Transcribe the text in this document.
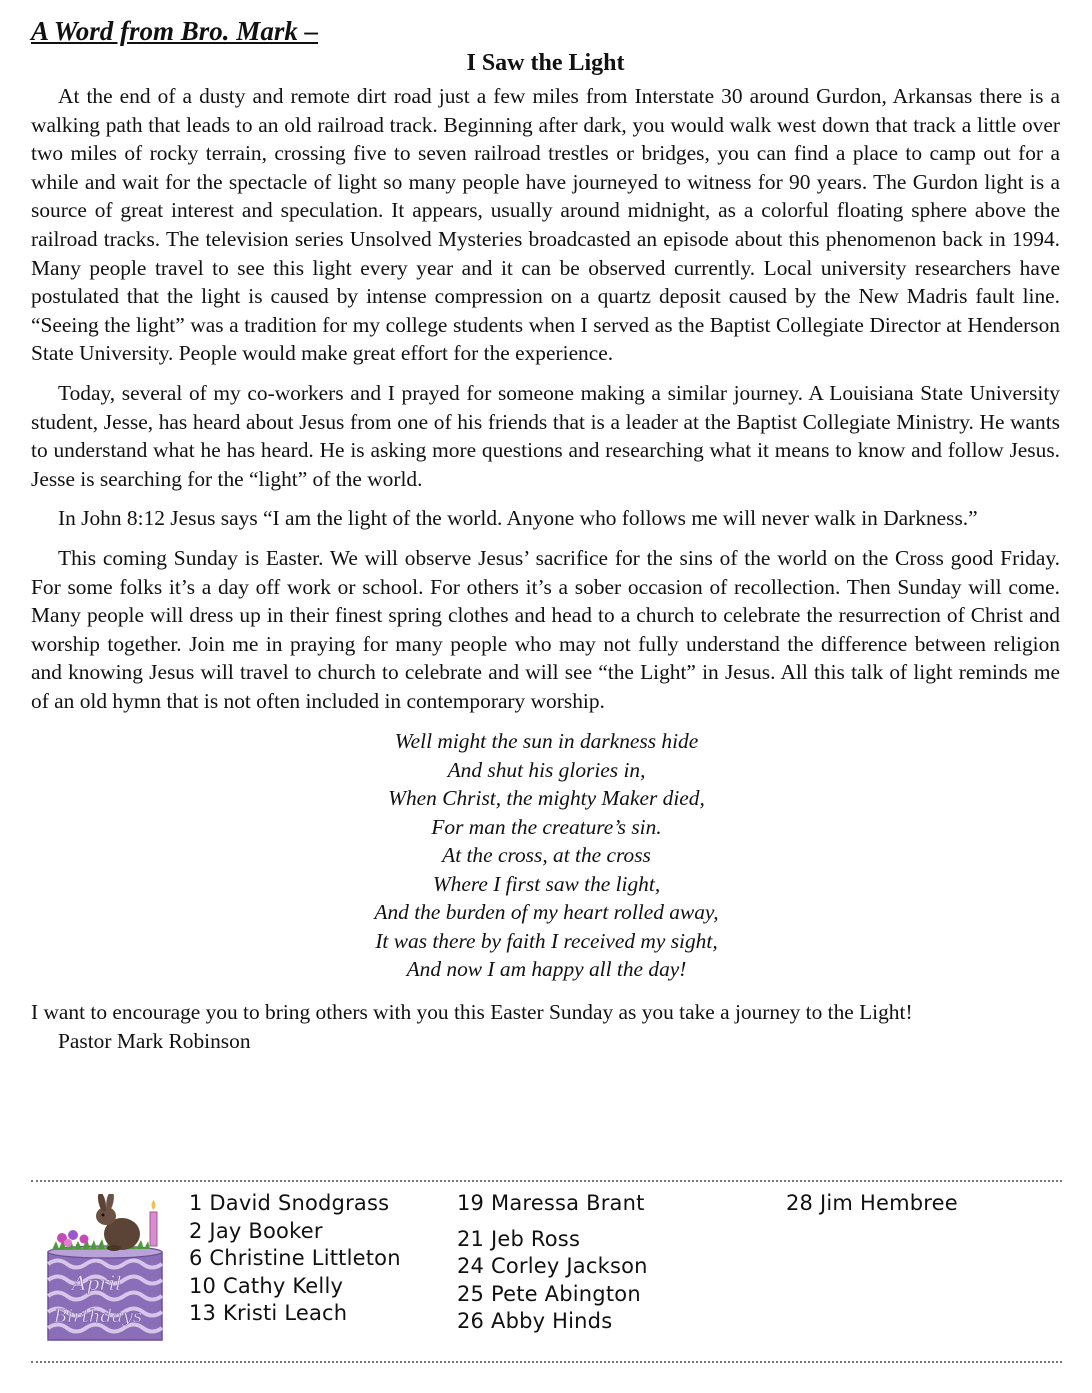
A Word from Bro. Mark –
I Saw the Light

At the end of a dusty and remote dirt road just a few miles from Interstate 30 around Gurdon, Arkansas there is a walking path that leads to an old railroad track. Beginning after dark, you would walk west down that track a little over two miles of rocky terrain, crossing five to seven railroad trestles or bridges, you can find a place to camp out for a while and wait for the spectacle of light so many people have journeyed to witness for 90 years. The Gurdon light is a source of great interest and speculation. It appears, usually around midnight, as a colorful floating sphere above the railroad tracks. The television series Unsolved Mysteries broadcasted an episode about this phenomenon back in 1994. Many people travel to see this light every year and it can be observed currently. Local university researchers have postulated that the light is caused by intense compression on a quartz deposit caused by the New Madris fault line. “Seeing the light” was a tradition for my college students when I served as the Baptist Collegiate Director at Henderson State University. People would make great effort for the experience.

Today, several of my co-workers and I prayed for someone making a similar journey. A Louisiana State University student, Jesse, has heard about Jesus from one of his friends that is a leader at the Baptist Collegiate Ministry. He wants to understand what he has heard. He is asking more questions and researching what it means to know and follow Jesus. Jesse is searching for the “light” of the world.

In John 8:12 Jesus says “I am the light of the world. Anyone who follows me will never walk in Darkness.”

This coming Sunday is Easter. We will observe Jesus’ sacrifice for the sins of the world on the Cross good Friday. For some folks it’s a day off work or school. For others it’s a sober occasion of recollection. Then Sunday will come. Many people will dress up in their finest spring clothes and head to a church to celebrate the resurrection of Christ and worship together. Join me in praying for many people who may not fully understand the difference between religion and knowing Jesus will travel to church to celebrate and will see “the Light” in Jesus. All this talk of light reminds me of an old hymn that is not often included in contemporary worship.

Well might the sun in darkness hide
And shut his glories in,
When Christ, the mighty Maker died,
For man the creature’s sin.
At the cross, at the cross
Where I first saw the light,
And the burden of my heart rolled away,
It was there by faith I received my sight,
And now I am happy all the day!

I want to encourage you to bring others with you this Easter Sunday as you take a journey to the Light!

Pastor Mark Robinson

April
Birthdays
1 David Snodgrass
2 Jay Booker
6 Christine Littleton
10 Cathy Kelly
13 Kristi Leach
19 Maressa Brant
21 Jeb Ross
24 Corley Jackson
25 Pete Abington
26 Abby Hinds
28 Jim Hembree
